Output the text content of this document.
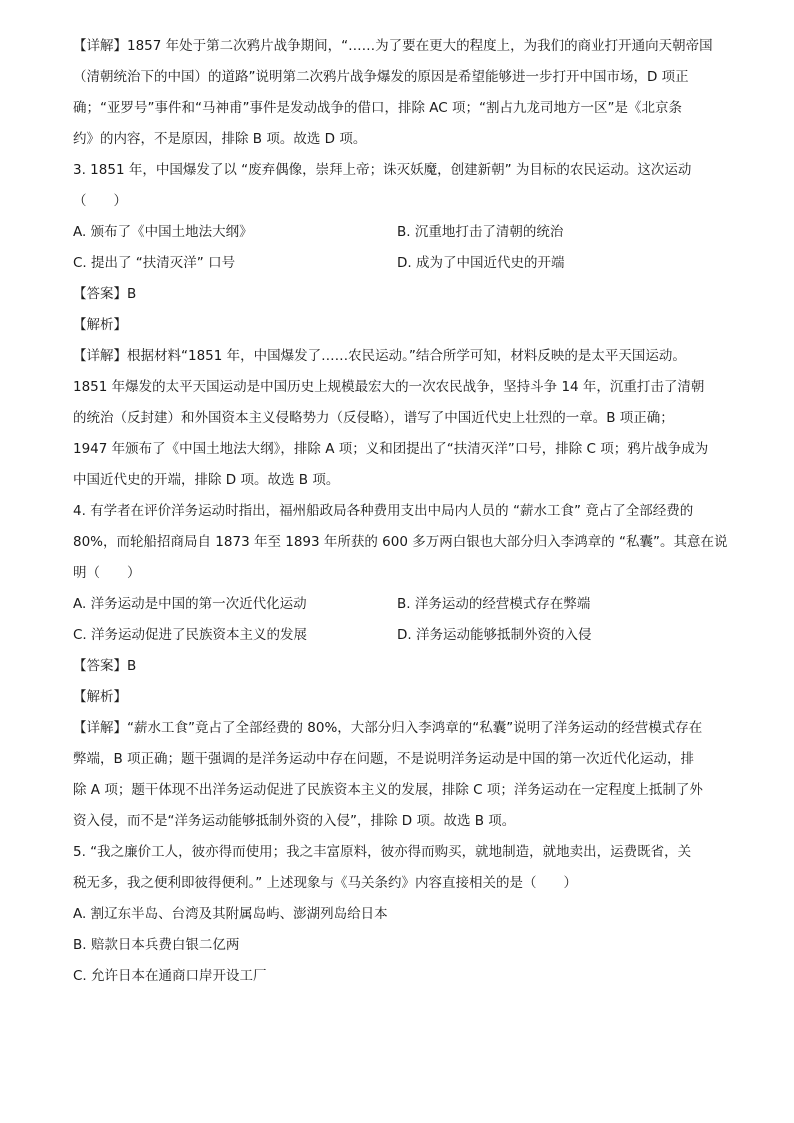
【详解】1857 年处于第二次鸦片战争期间，“……为了要在更大的程度上，为我们的商业打开通向天朝帝国
（清朝统治下的中国）的道路”说明第二次鸦片战争爆发的原因是希望能够进一步打开中国市场，D 项正
确；“亚罗号”事件和“马神甫”事件是发动战争的借口，排除 AC 项；“割占九龙司地方一区”是《北京条
约》的内容，不是原因，排除 B 项。故选 D 项。
3. 1851 年，中国爆发了以 “废弃偶像，崇拜上帝；诛灭妖魔，创建新朝” 为目标的农民运动。这次运动
（　　）
A. 颁布了《中国土地法大纲》	B. 沉重地打击了清朝的统治
C. 提出了 “扶清灭洋” 口号	D. 成为了中国近代史的开端
【答案】B
【解析】
【详解】根据材料“1851 年，中国爆发了……农民运动。”结合所学可知，材料反映的是太平天国运动。
1851 年爆发的太平天国运动是中国历史上规模最宏大的一次农民战争，坚持斗争 14 年，沉重打击了清朝
的统治（反封建）和外国资本主义侵略势力（反侵略），谱写了中国近代史上壮烈的一章。B 项正确；
1947 年颁布了《中国土地法大纲》，排除 A 项；义和团提出了“扶清灭洋”口号，排除 C 项；鸦片战争成为
中国近代史的开端，排除 D 项。故选 B 项。
4. 有学者在评价洋务运动时指出，福州船政局各种费用支出中局内人员的 “薪水工食” 竟占了全部经费的
80%，而轮船招商局自 1873 年至 1893 年所获的 600 多万两白银也大部分归入李鸿章的 “私囊”。其意在说
明（　　）
A. 洋务运动是中国的第一次近代化运动	B. 洋务运动的经营模式存在弊端
C. 洋务运动促进了民族资本主义的发展	D. 洋务运动能够抵制外资的入侵
【答案】B
【解析】
【详解】“薪水工食”竟占了全部经费的 80%，大部分归入李鸿章的“私囊”说明了洋务运动的经营模式存在
弊端，B 项正确；题干强调的是洋务运动中存在问题，不是说明洋务运动是中国的第一次近代化运动，排
除 A 项；题干体现不出洋务运动促进了民族资本主义的发展，排除 C 项；洋务运动在一定程度上抵制了外
资入侵，而不是“洋务运动能够抵制外资的入侵”，排除 D 项。故选 B 项。
5. “我之廉价工人，彼亦得而使用；我之丰富原料，彼亦得而购买，就地制造，就地卖出，运费既省，关
税无多，我之便利即彼得便利。” 上述现象与《马关条约》内容直接相关的是（　　）
A. 割辽东半岛、台湾及其附属岛屿、澎湖列岛给日本
B. 赔款日本兵费白银二亿两
C. 允许日本在通商口岸开设工厂
